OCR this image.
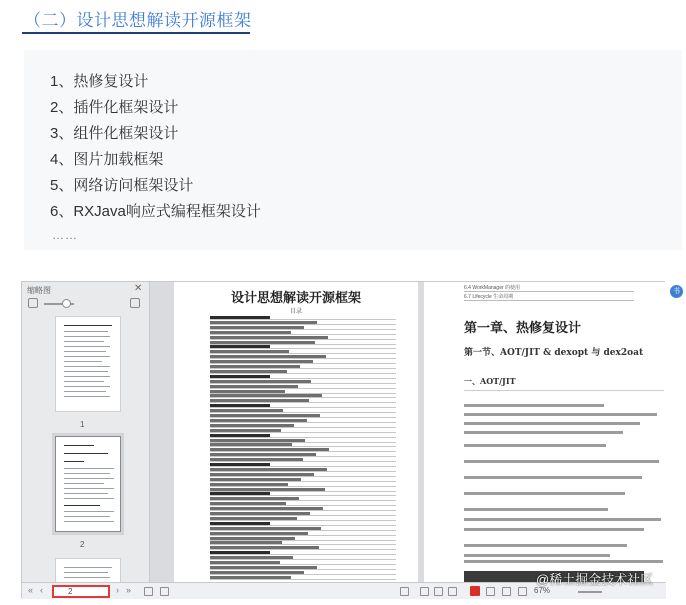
（二）设计思想解读开源框架
1、热修复设计
2、插件化框架设计
3、组件化框架设计
4、图片加载框架
5、网络访问框架设计
6、RXJava响应式编程框架设计
……
缩略图	✕
1
2
设计思想解读开源框架
目录
6.4 WorkManager 的使用
6.7 Lifecycle 生命周期
书
第一章、热修复设计
第一节、AOT/JIT & dexopt 与 dex2oat
一、AOT/JIT
« ‹	2	› »	67%
@稀土掘金技术社区
